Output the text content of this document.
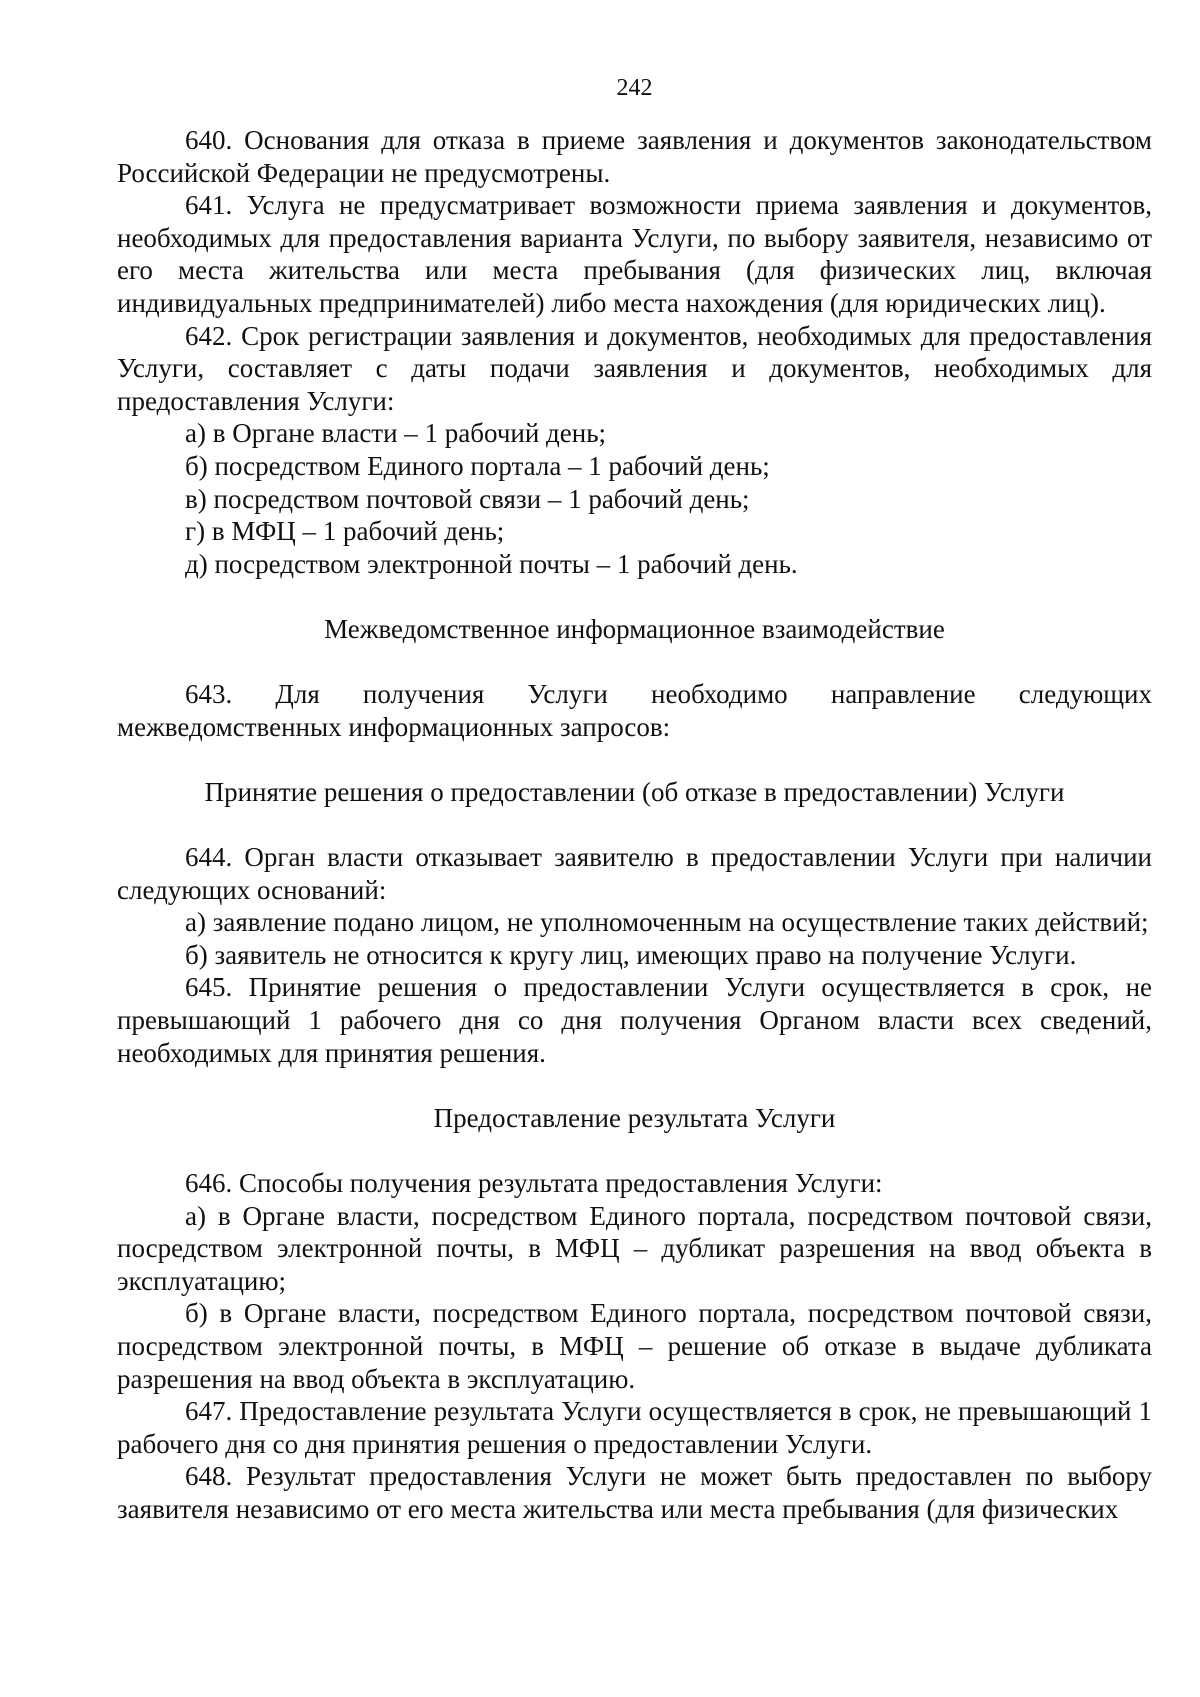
242

640. Основания для отказа в приеме заявления и документов законодательством Российской Федерации не предусмотрены.

641. Услуга не предусматривает возможности приема заявления и документов, необходимых для предоставления варианта Услуги, по выбору заявителя, независимо от его места жительства или места пребывания (для физических лиц, включая индивидуальных предпринимателей) либо места нахождения (для юридических лиц).

642. Срок регистрации заявления и документов, необходимых для предоставления Услуги, составляет с даты подачи заявления и документов, необходимых для предоставления Услуги:

а) в Органе власти – 1 рабочий день;

б) посредством Единого портала – 1 рабочий день;

в) посредством почтовой связи – 1 рабочий день;

г) в МФЦ – 1 рабочий день;

д) посредством электронной почты – 1 рабочий день.

Межведомственное информационное взаимодействие

643. Для получения Услуги необходимо направление следующих межведомственных информационных запросов:

Принятие решения о предоставлении (об отказе в предоставлении) Услуги

644. Орган власти отказывает заявителю в предоставлении Услуги при наличии следующих оснований:

а) заявление подано лицом, не уполномоченным на осуществление таких действий;

б) заявитель не относится к кругу лиц, имеющих право на получение Услуги.

645. Принятие решения о предоставлении Услуги осуществляется в срок, не превышающий 1 рабочего дня со дня получения Органом власти всех сведений, необходимых для принятия решения.

Предоставление результата Услуги

646. Способы получения результата предоставления Услуги:

а) в Органе власти, посредством Единого портала, посредством почтовой связи, посредством электронной почты, в МФЦ – дубликат разрешения на ввод объекта в эксплуатацию;

б) в Органе власти, посредством Единого портала, посредством почтовой связи, посредством электронной почты, в МФЦ – решение об отказе в выдаче дубликата разрешения на ввод объекта в эксплуатацию.

647. Предоставление результата Услуги осуществляется в срок, не превышающий 1 рабочего дня со дня принятия решения о предоставлении Услуги.

648. Результат предоставления Услуги не может быть предоставлен по выбору заявителя независимо от его места жительства или места пребывания (для физических
